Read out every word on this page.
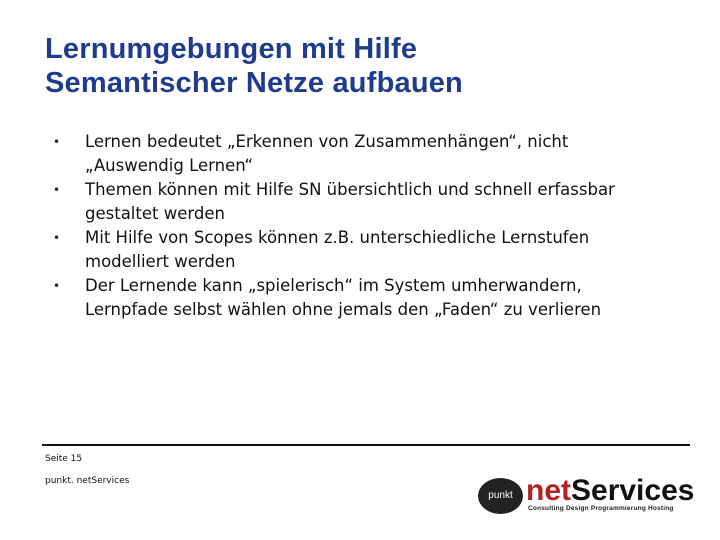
Lernumgebungen mit Hilfe
Semantischer Netze aufbauen
• Lernen bedeutet „Erkennen von Zusammenhängen“, nicht
„Auswendig Lernen“
• Themen können mit Hilfe SN übersichtlich und schnell erfassbar
gestaltet werden
• Mit Hilfe von Scopes können z.B. unterschiedliche Lernstufen
modelliert werden
• Der Lernende kann „spielerisch“ im System umherwandern,
Lernpfade selbst wählen ohne jemals den „Faden“ zu verlieren
Seite 15
punkt. netServices
punkt netServices
Consulting Design Programmierung Hosting
